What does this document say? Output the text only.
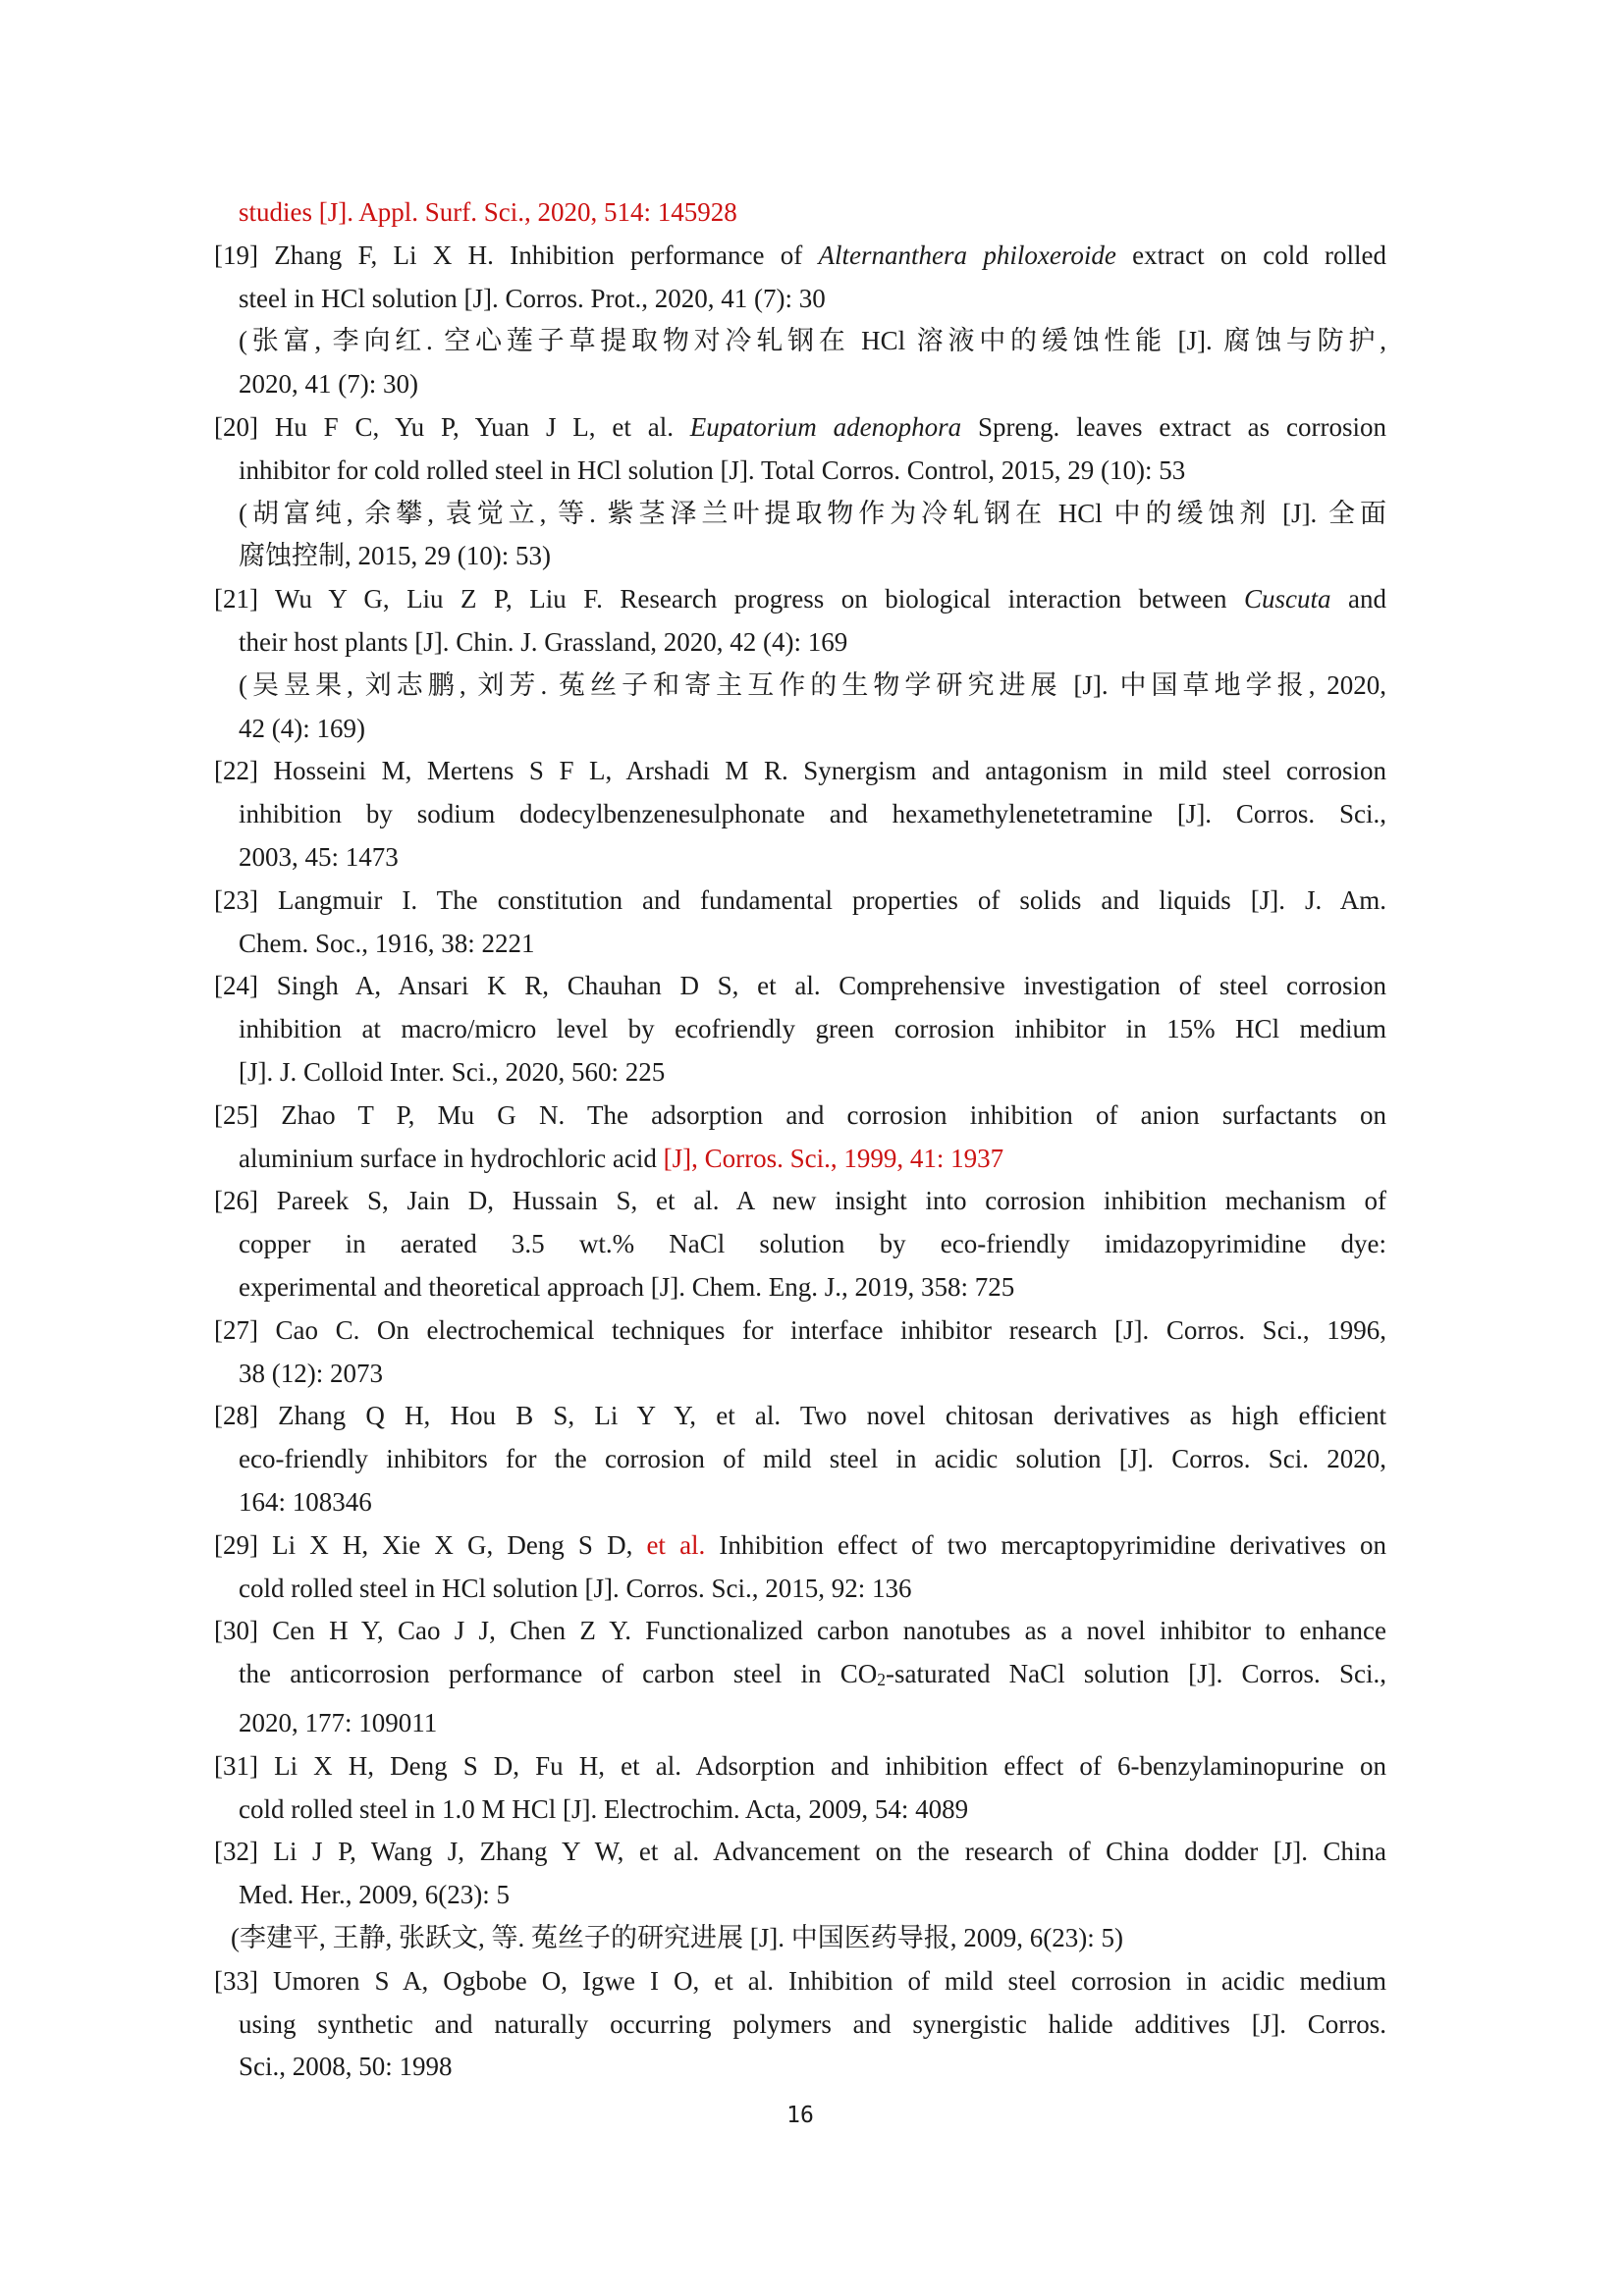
studies [J]. Appl. Surf. Sci., 2020, 514: 145928
[19] Zhang F, Li X H. Inhibition performance of Alternanthera philoxeroide extract on cold rolled
steel in HCl solution [J]. Corros. Prot., 2020, 41 (7): 30
(张富, 李向红. 空心莲子草提取物对冷轧钢在 HCl 溶液中的缓蚀性能 [J]. 腐蚀与防护,
2020, 41 (7): 30)
[20] Hu F C, Yu P, Yuan J L, et al. Eupatorium adenophora Spreng. leaves extract as corrosion
inhibitor for cold rolled steel in HCl solution [J]. Total Corros. Control, 2015, 29 (10): 53
(胡富纯, 余攀, 袁觉立, 等. 紫茎泽兰叶提取物作为冷轧钢在 HCl 中的缓蚀剂 [J]. 全面
腐蚀控制, 2015, 29 (10): 53)
[21] Wu Y G, Liu Z P, Liu F. Research progress on biological interaction between Cuscuta and
their host plants [J]. Chin. J. Grassland, 2020, 42 (4): 169
(吴昱果, 刘志鹏, 刘芳. 菟丝子和寄主互作的生物学研究进展 [J]. 中国草地学报, 2020,
42 (4): 169)
[22] Hosseini M, Mertens S F L, Arshadi M R. Synergism and antagonism in mild steel corrosion
inhibition by sodium dodecylbenzenesulphonate and hexamethylenetetramine [J]. Corros. Sci.,
2003, 45: 1473
[23] Langmuir I. The constitution and fundamental properties of solids and liquids [J]. J. Am.
Chem. Soc., 1916, 38: 2221
[24] Singh A, Ansari K R, Chauhan D S, et al. Comprehensive investigation of steel corrosion
inhibition at macro/micro level by ecofriendly green corrosion inhibitor in 15% HCl medium
[J]. J. Colloid Inter. Sci., 2020, 560: 225
[25] Zhao T P, Mu G N. The adsorption and corrosion inhibition of anion surfactants on
aluminium surface in hydrochloric acid [J], Corros. Sci., 1999, 41: 1937
[26] Pareek S, Jain D, Hussain S, et al. A new insight into corrosion inhibition mechanism of
copper in aerated 3.5 wt.% NaCl solution by eco-friendly imidazopyrimidine dye:
experimental and theoretical approach [J]. Chem. Eng. J., 2019, 358: 725
[27] Cao C. On electrochemical techniques for interface inhibitor research [J]. Corros. Sci., 1996,
38 (12): 2073
[28] Zhang Q H, Hou B S, Li Y Y, et al. Two novel chitosan derivatives as high efficient
eco-friendly inhibitors for the corrosion of mild steel in acidic solution [J]. Corros. Sci. 2020,
164: 108346
[29] Li X H, Xie X G, Deng S D, et al. Inhibition effect of two mercaptopyrimidine derivatives on
cold rolled steel in HCl solution [J]. Corros. Sci., 2015, 92: 136
[30] Cen H Y, Cao J J, Chen Z Y. Functionalized carbon nanotubes as a novel inhibitor to enhance
the anticorrosion performance of carbon steel in CO2-saturated NaCl solution [J]. Corros. Sci.,
2020, 177: 109011
[31] Li X H, Deng S D, Fu H, et al. Adsorption and inhibition effect of 6-benzylaminopurine on
cold rolled steel in 1.0 M HCl [J]. Electrochim. Acta, 2009, 54: 4089
[32] Li J P, Wang J, Zhang Y W, et al. Advancement on the research of China dodder [J]. China
Med. Her., 2009, 6(23): 5
(李建平, 王静, 张跃文, 等. 菟丝子的研究进展 [J]. 中国医药导报, 2009, 6(23): 5)
[33] Umoren S A, Ogbobe O, Igwe I O, et al. Inhibition of mild steel corrosion in acidic medium
using synthetic and naturally occurring polymers and synergistic halide additives [J]. Corros.
Sci., 2008, 50: 1998
16
